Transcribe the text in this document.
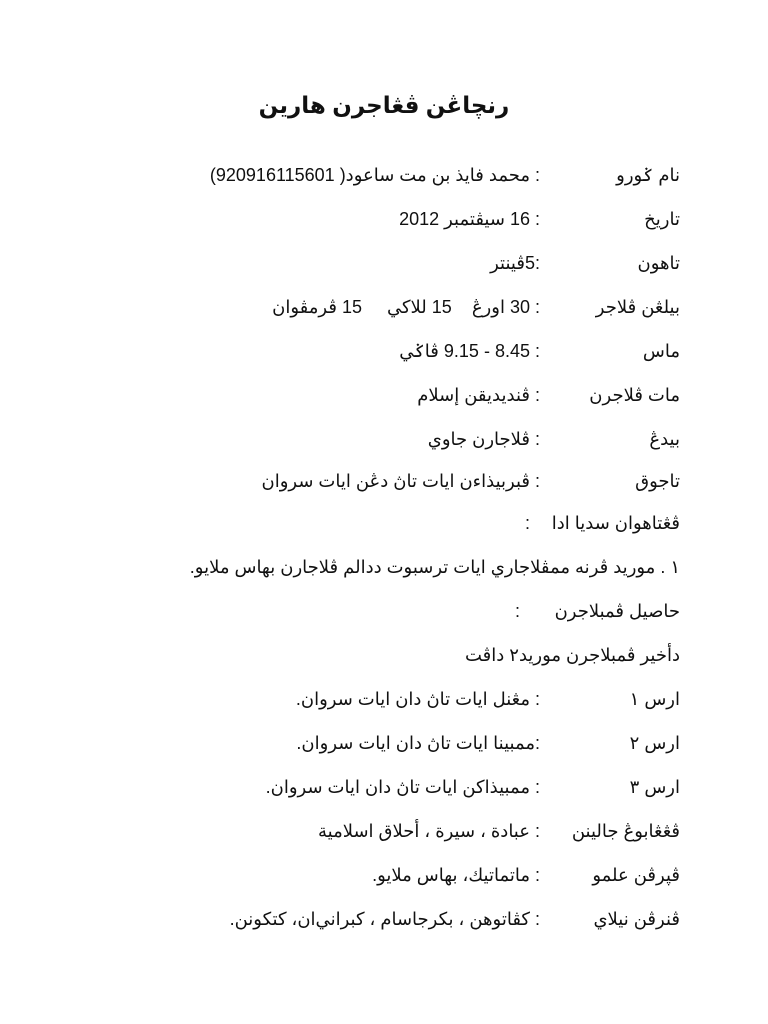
رنچاڠن ڤڠاجرن هارين
نام ݢورو
: محمد فايذ بن مت ساعود( 920916115601)
تاريخ
: 16 سيڤتمبر 2012
تاهون
:5ڤينتر
بيلڠن ڤلاجر
: 30 اورڠ    15 للاكي     15 ڤرمڤوان
ماس
: 8.45 - 9.15 ڤاݢي
مات ڤلاجرن
: ڤنديديقن إسلام
بيدڠ
: ڤلاجارن جاوي
تاجوق
: ڤبربيذاءن ايات تاڽ دڠن ايات سروان
ڤڠتاهوان سديا ادا
:
١ . موريد ڤرنه ممڤلاجاري ايات ترسبوت ددالم ڤلاجارن بهاس ملايو.
حاصيل ڤمبلاجرن
:
دأخير ڤمبلاجرن موريد٢ داڤت
ارس ١
: مڠنل ايات تاڽ دان ايات سروان.
ارس ٢
:ممبينا ايات تاڽ دان ايات سروان.
ارس ٣
: ممبيذاكن ايات تاڽ دان ايات سروان.
ڤڠڠابوڠ جالينن
: عبادة ، سيرة ، أحلاق اسلامية
ڤپرڤن علمو
: ماتماتيك، بهاس ملايو.
ڤنرڤن نيلاي
: كڤاتوهن ، بكرجاسام ، كبراني‌ان، كتكونن.
